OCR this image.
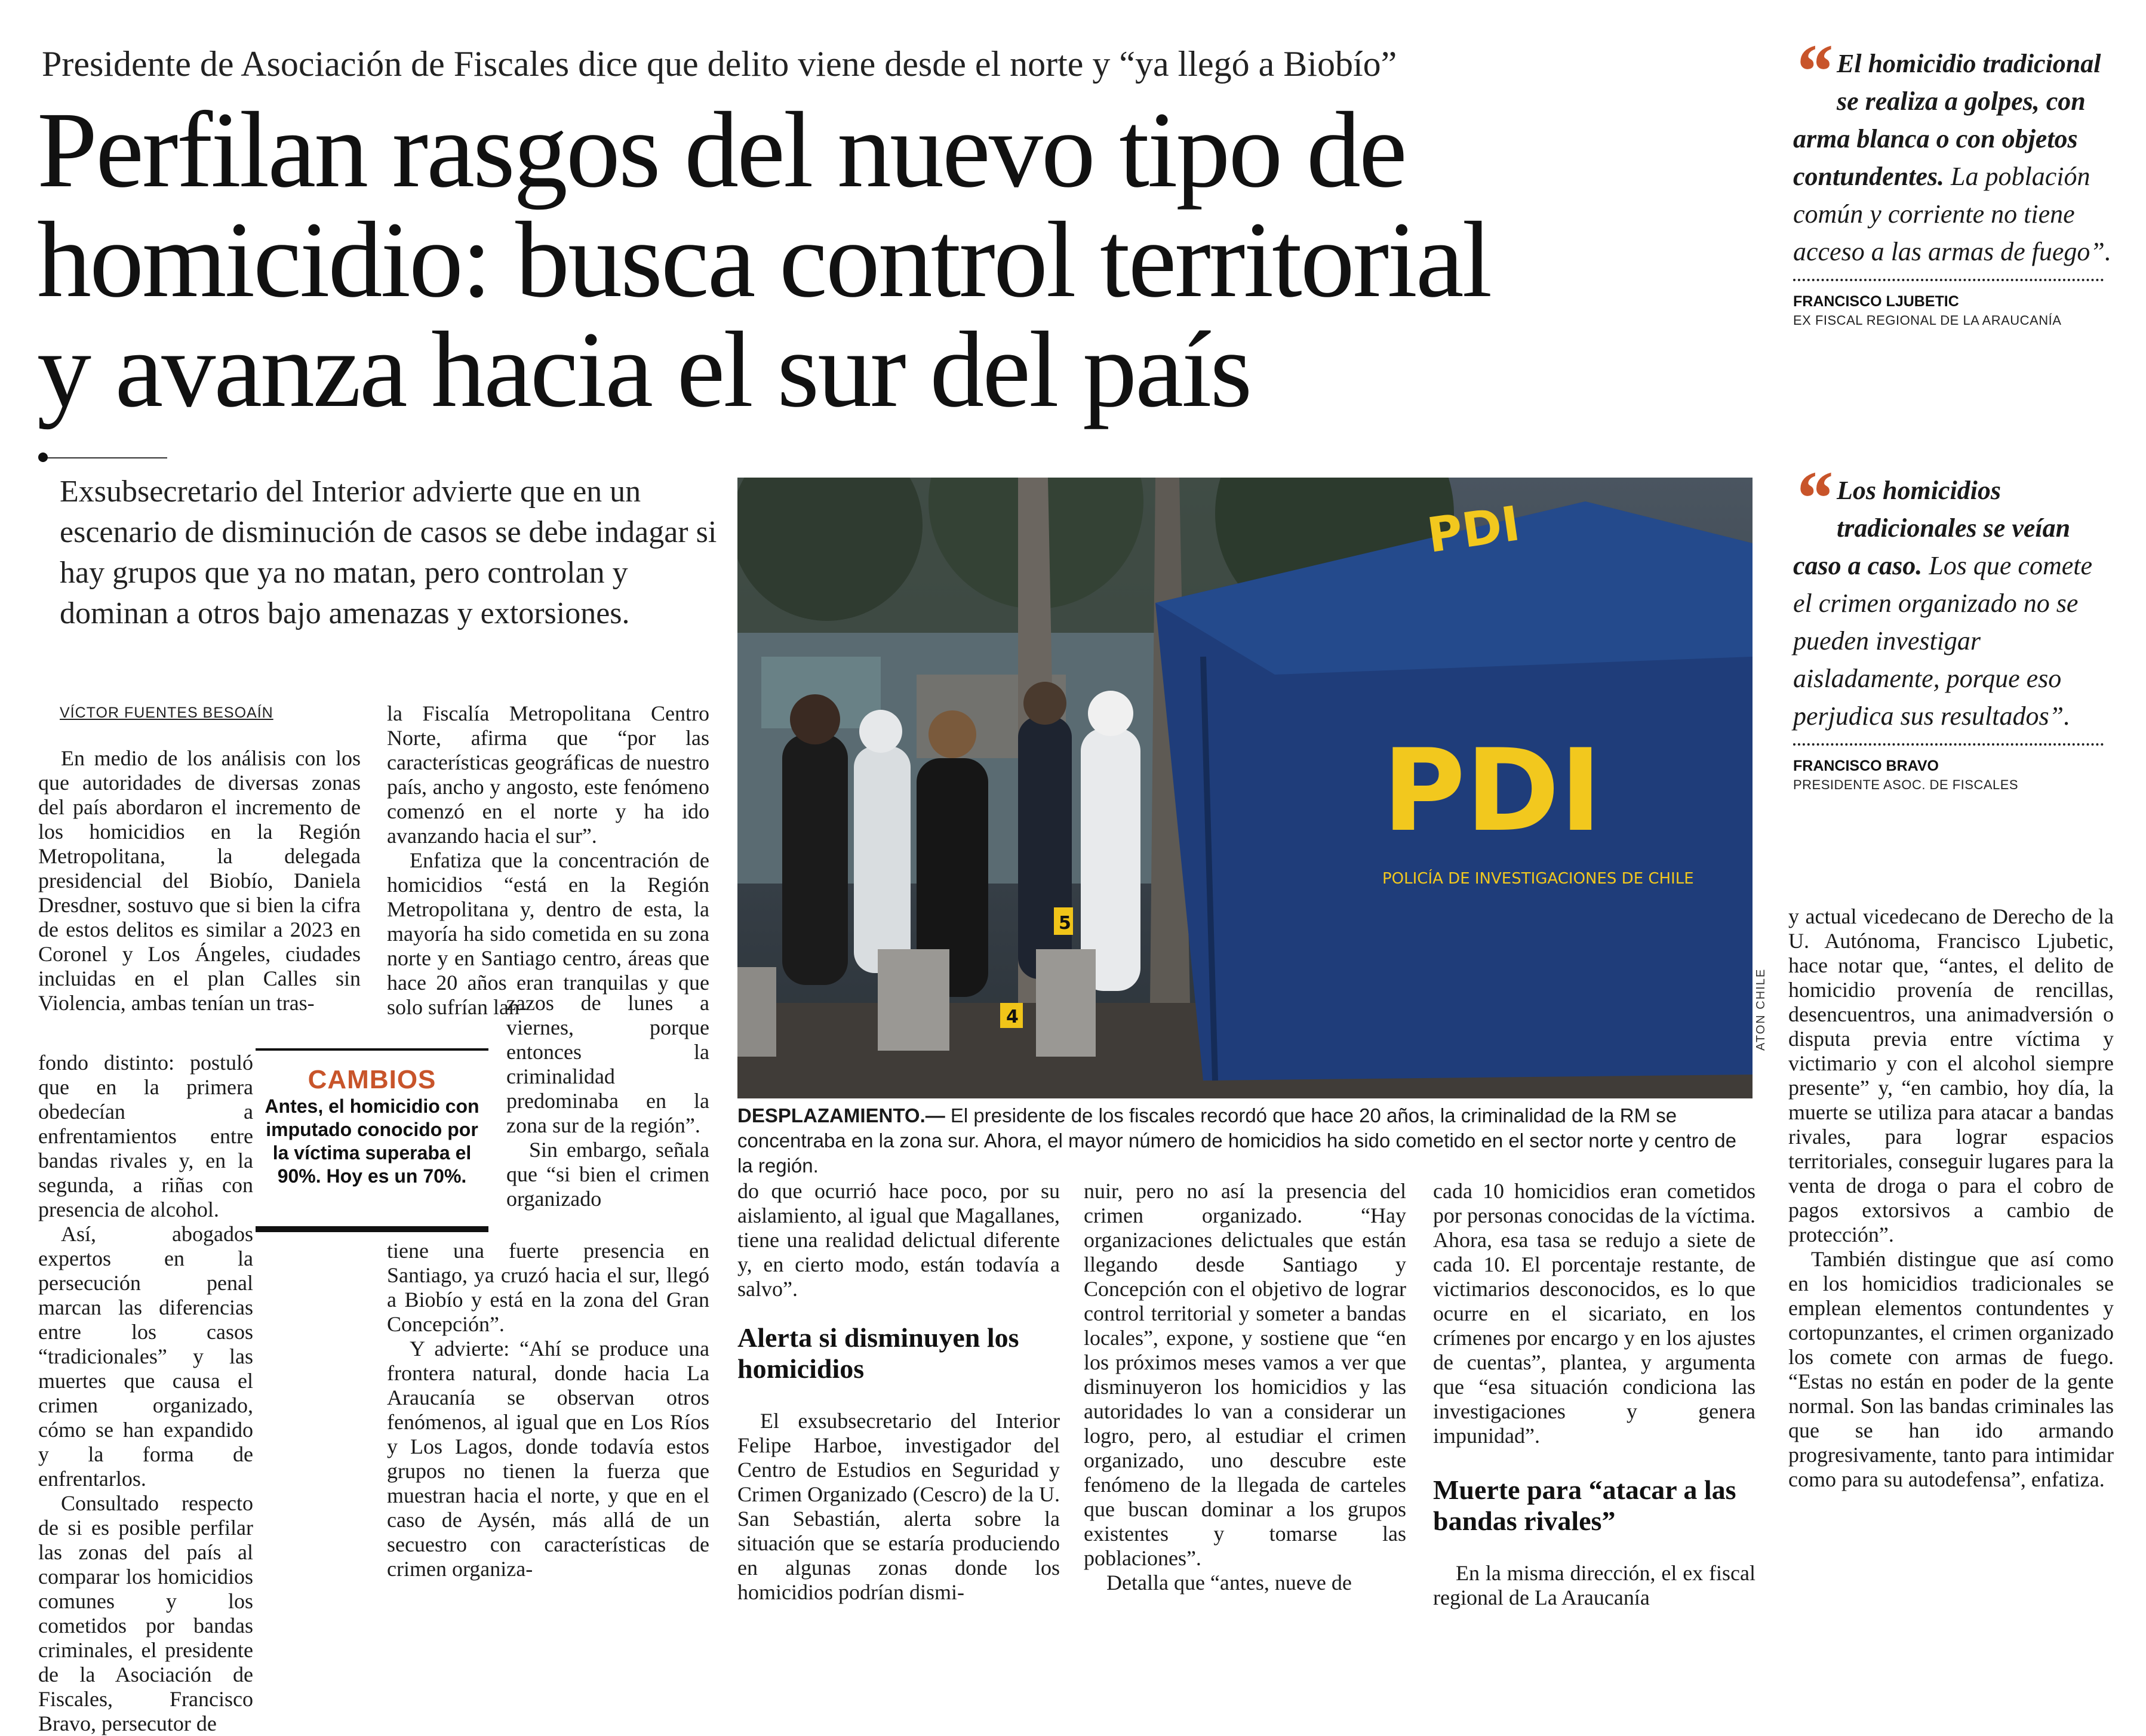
Presidente de Asociación de Fiscales dice que delito viene desde el norte y “ya llegó a Biobío”
Perfilan rasgos del nuevo tipo de
homicidio: busca control territorial
y avanza hacia el sur del país
Exsubsecretario del Interior advierte que en un escenario de disminución de casos se debe indagar si hay grupos que ya no matan, pero controlan y dominan a otros bajo amenazas y extorsiones.
VÍCTOR FUENTES BESOAÍN

En medio de los análisis con los que autoridades de diversas zonas del país abordaron el incremento de los homicidios en la Región Metropolitana, la delegada presidencial del Biobío, Daniela Dresdner, sostuvo que si bien la cifra de estos delitos es similar a 2023 en Coronel y Los Ángeles, ciudades incluidas en el plan Calles sin Violencia, ambas tenían un tras-

fondo distinto: postuló que en la primera obedecían a enfrentamientos entre bandas rivales y, en la segunda, a riñas con presencia de alcohol.

Así, abogados expertos en la persecución penal marcan las diferencias entre los casos “tradicionales” y las muertes que causa el crimen organizado, cómo se han expandido y la forma de enfrentarlos.

Consultado respecto de si es posible perfilar las zonas del país al comparar los homicidios comunes y los cometidos por bandas criminales, el presidente de la Asociación de Fiscales, Francisco Bravo, persecutor de

CAMBIOS
Antes, el homicidio con imputado conocido por la víctima superaba el 90%. Hoy es un 70%.

la Fiscalía Metropolitana Centro Norte, afirma que “por las características geográficas de nuestro país, ancho y angosto, este fenómeno comenzó en el norte y ha ido avanzando hacia el sur”.

Enfatiza que la concentración de homicidios “está en la Región Metropolitana y, dentro de esta, la mayoría ha sido cometida en su zona norte y en Santiago centro, áreas que hace 20 años eran tranquilas y que solo sufrían lan-

zazos de lunes a viernes, porque entonces la criminalidad predominaba en la zona sur de la región”.

Sin embargo, señala que “si bien el crimen organizado

tiene una fuerte presencia en Santiago, ya cruzó hacia el sur, llegó a Biobío y está en la zona del Gran Concepción”.

Y advierte: “Ahí se produce una frontera natural, donde hacia La Araucanía se observan otros fenómenos, al igual que en Los Ríos y Los Lagos, donde todavía estos grupos no tienen la fuerza que muestran hacia el norte, y que en el caso de Aysén, más allá de un secuestro con características de crimen organiza-

5
4
PDI
PDI
POLICÍA DE INVESTIGACIONES DE CHILE
ATON CHILE
DESPLAZAMIENTO.— El presidente de los fiscales recordó que hace 20 años, la criminalidad de la RM se concentraba en la zona sur. Ahora, el mayor número de homicidios ha sido cometido en el sector norte y centro de la región.

do que ocurrió hace poco, por su aislamiento, al igual que Magallanes, tiene una realidad delictual diferente y, en cierto modo, están todavía a salvo”.

Alerta si disminuyen los homicidios

El exsubsecretario del Interior Felipe Harboe, investigador del Centro de Estudios en Seguridad y Crimen Organizado (Cescro) de la U. San Sebastián, alerta sobre la situación que se estaría produciendo en algunas zonas donde los homicidios podrían dismi-

nuir, pero no así la presencia del crimen organizado. “Hay organizaciones delictuales que están llegando desde Santiago y Concepción con el objetivo de lograr control territorial y someter a bandas locales”, expone, y sostiene que “en los próximos meses vamos a ver que disminuyeron los homicidios y las autoridades lo van a considerar un logro, pero, al estudiar el crimen organizado, uno descubre este fenómeno de la llegada de carteles que buscan dominar a los grupos existentes y tomarse las poblaciones”.

Detalla que “antes, nueve de

cada 10 homicidios eran cometidos por personas conocidas de la víctima. Ahora, esa tasa se redujo a siete de cada 10. El porcentaje restante, de victimarios desconocidos, es lo que ocurre en el sicariato, en los crímenes por encargo y en los ajustes de cuentas”, plantea, y argumenta que “esa situación condiciona las investigaciones y genera impunidad”.

Muerte para “atacar a las bandas rivales”

En la misma dirección, el ex fiscal regional de La Araucanía

y actual vicedecano de Derecho de la U. Autónoma, Francisco Ljubetic, hace notar que, “antes, el delito de homicidio provenía de rencillas, desencuentros, una animadversión o disputa previa entre víctima y victimario y con el alcohol siempre presente” y, “en cambio, hoy día, la muerte se utiliza para atacar a bandas rivales, para lograr espacios territoriales, conseguir lugares para la venta de droga o para el cobro de pagos extorsivos a cambio de protección”.

También distingue que así como en los homicidios tradicionales se emplean elementos contundentes y cortopunzantes, el crimen organizado los comete con armas de fuego. “Estas no están en poder de la gente normal. Son las bandas criminales las que se han ido armando progresivamente, tanto para intimidar como para su autodefensa”, enfatiza.

“ El homicidio tradicional se realiza a golpes, con arma blanca o con objetos contundentes. La población común y corriente no tiene acceso a las armas de fuego”.
FRANCISCO LJUBETIC
EX FISCAL REGIONAL DE LA ARAUCANÍA
“ Los homicidios tradicionales se veían caso a caso. Los que comete el crimen organizado no se pueden investigar aisladamente, porque eso perjudica sus resultados”.
FRANCISCO BRAVO
PRESIDENTE ASOC. DE FISCALES
